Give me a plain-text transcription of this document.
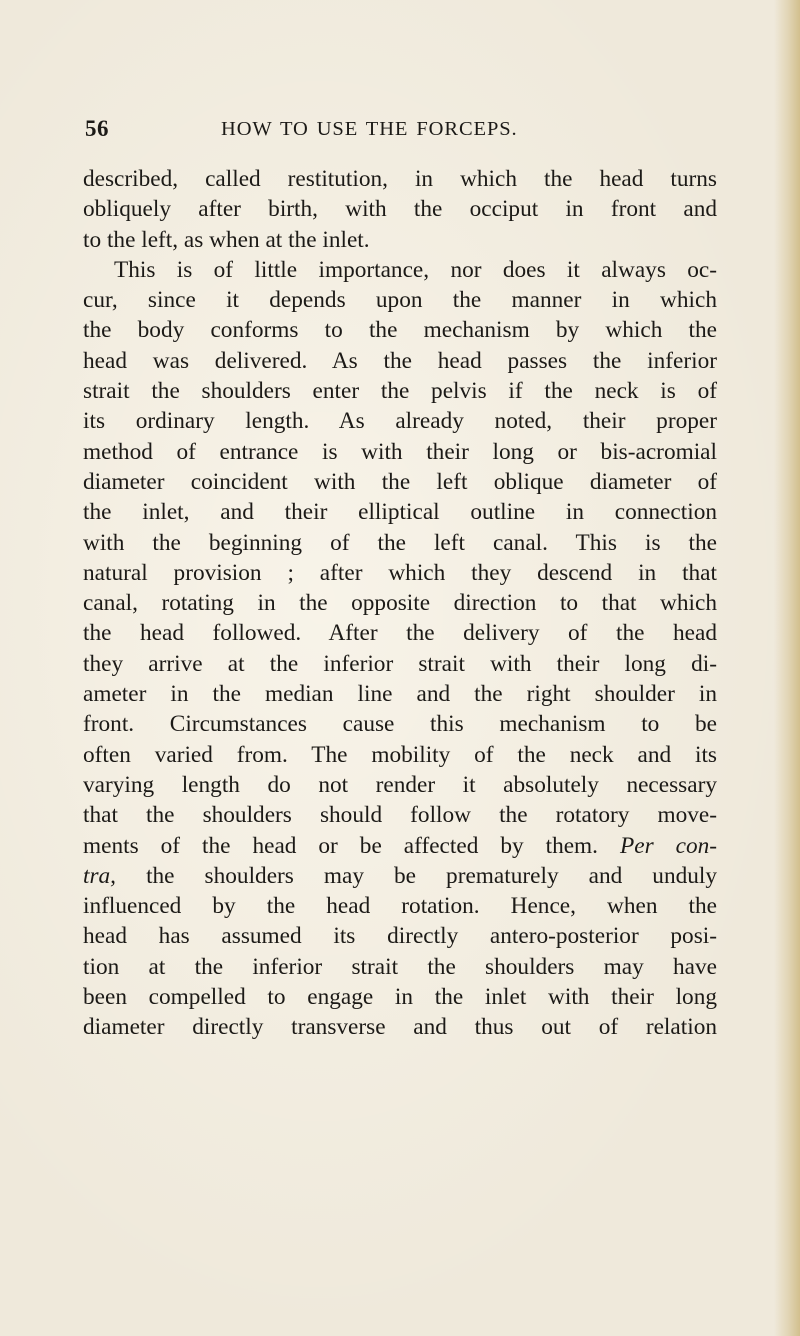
56	HOW TO USE THE FORCEPS.
described, called restitution, in which the head turns
obliquely after birth, with the occiput in front and
to the left, as when at the inlet.
This is of little importance, nor does it always oc-
cur, since it depends upon the manner in which
the body conforms to the mechanism by which the
head was delivered. As the head passes the inferior
strait the shoulders enter the pelvis if the neck is of
its ordinary length. As already noted, their proper
method of entrance is with their long or bis-acromial
diameter coincident with the left oblique diameter of
the inlet, and their elliptical outline in connection
with the beginning of the left canal. This is the
natural provision ; after which they descend in that
canal, rotating in the opposite direction to that which
the head followed. After the delivery of the head
they arrive at the inferior strait with their long di-
ameter in the median line and the right shoulder in
front. Circumstances cause this mechanism to be
often varied from. The mobility of the neck and its
varying length do not render it absolutely necessary
that the shoulders should follow the rotatory move-
ments of the head or be affected by them. Per con-
tra, the shoulders may be prematurely and unduly
influenced by the head rotation. Hence, when the
head has assumed its directly antero-posterior posi-
tion at the inferior strait the shoulders may have
been compelled to engage in the inlet with their long
diameter directly transverse and thus out of relation
